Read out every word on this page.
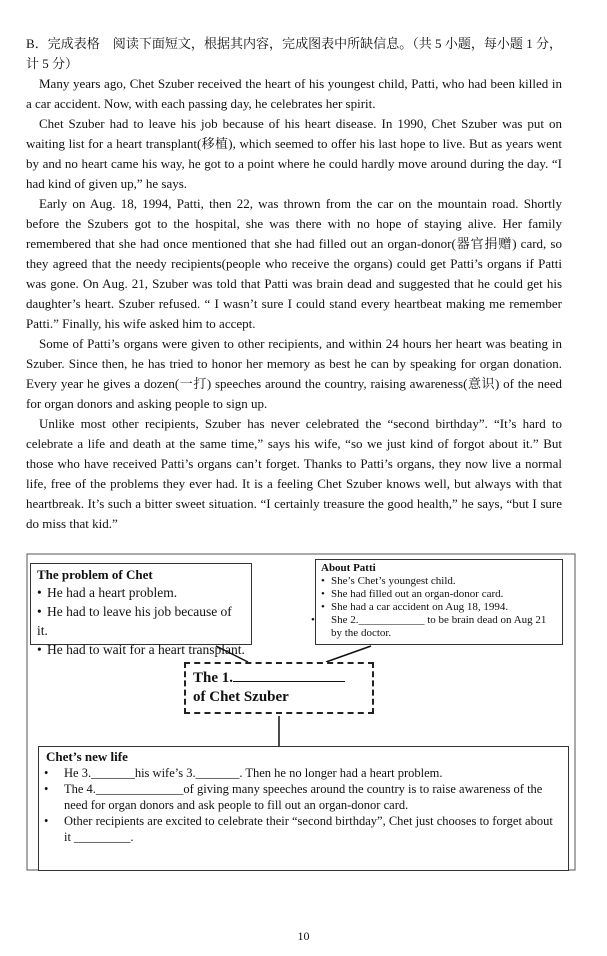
B．完成表格　阅读下面短文，根据其内容，完成图表中所缺信息。（共 5 小题，每小题 1 分，计 5 分）

Many years ago, Chet Szuber received the heart of his youngest child, Patti, who had been killed in a car accident. Now, with each passing day, he celebrates her spirit.

Chet Szuber had to leave his job because of his heart disease. In 1990, Chet Szuber was put on waiting list for a heart transplant(移植), which seemed to offer his last hope to live. But as years went by and no heart came his way, he got to a point where he could hardly move around during the day. “I had kind of given up,” he says.

Early on Aug. 18, 1994, Patti, then 22, was thrown from the car on the mountain road. Shortly before the Szubers got to the hospital, she was there with no hope of staying alive. Her family remembered that she had once mentioned that she had filled out an organ-donor(器官捐赠) card, so they agreed that the needy recipients(people who receive the organs) could get Patti’s organs if Patti was gone. On Aug. 21, Szuber was told that Patti was brain dead and suggested that he could get his daughter’s heart. Szuber refused. “ I wasn’t sure I could stand every heartbeat making me remember Patti.” Finally, his wife asked him to accept.

Some of Patti’s organs were given to other recipients, and within 24 hours her heart was beating in Szuber. Since then, he has tried to honor her memory as best he can by speaking for organ donation. Every year he gives a dozen(一打) speeches around the country, raising awareness(意识) of the need for organ donors and asking people to sign up.

Unlike most other recipients, Szuber has never celebrated the “second birthday”. “It’s hard to celebrate a life and death at the same time,” says his wife, “so we just kind of forgot about it.” But those who have received Patti’s organs can’t forget. Thanks to Patti’s organs, they now live a normal life, free of the problems they ever had. It is a feeling Chet Szuber knows well, but always with that heartbreak. It’s such a bitter sweet situation. “I certainly treasure the good health,” he says, “but I sure do miss that kid.”

The problem of Chet
• He had a heart problem.
• He had to leave his job because of it.
• He had to wait for a heart transplant.
About Patti
• She’s Chet’s youngest child.
• She had filled out an organ-donor card.
• She had a car accident on Aug 18, 1994.
• She 2.____________ to be brain dead on Aug 21 by the doctor.
The 1.
of Chet Szuber
Chet’s new life
• He 3._______his wife’s 3._______. Then he no longer had a heart problem.
• The 4.______________of giving many speeches around the country is to raise awareness of the need for organ donors and ask people to fill out an organ-donor card.
• Other recipients are excited to celebrate their “second birthday”, Chet just chooses to forget about it _________.
10
